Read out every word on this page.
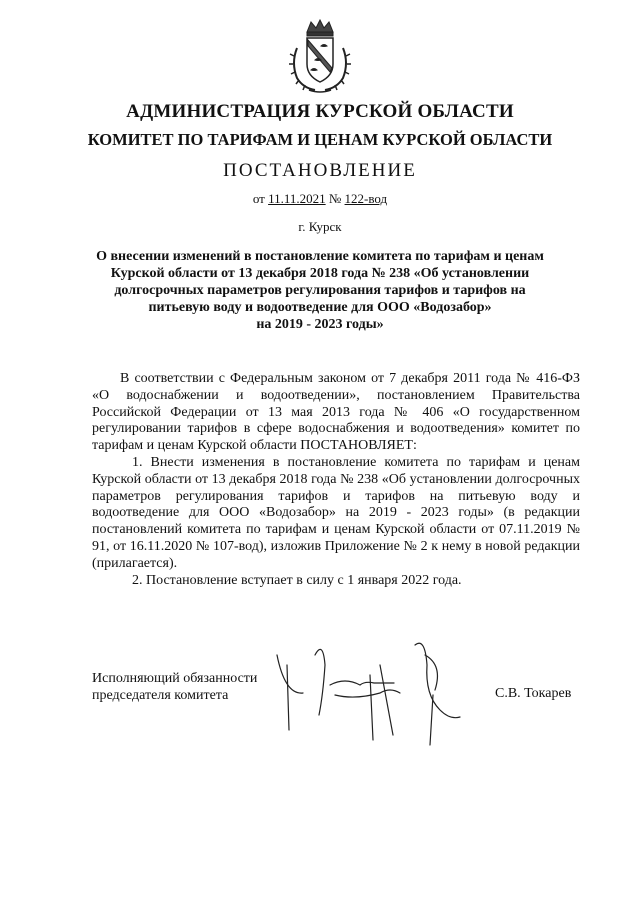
АДМИНИСТРАЦИЯ КУРСКОЙ ОБЛАСТИ
КОМИТЕТ ПО ТАРИФАМ И ЦЕНАМ КУРСКОЙ ОБЛАСТИ
ПОСТАНОВЛЕНИЕ
от 11.11.2021 № 122-вод
г. Курск
О внесении изменений в постановление комитета по тарифам и ценам
Курской области от 13 декабря 2018 года № 238 «Об установлении
долгосрочных параметров регулирования тарифов и тарифов на
питьевую воду и водоотведение для ООО «Водозабор»
на 2019 - 2023 годы»

В соответствии с Федеральным законом от 7 декабря 2011 года № 416-ФЗ «О водоснабжении и водоотведении», постановлением Правительства Российской Федерации от 13 мая 2013 года № 406 «О государственном регулировании тарифов в сфере водоснабжения и водоотведения» комитет по тарифам и ценам Курской области ПОСТАНОВЛЯЕТ:

1. Внести изменения в постановление комитета по тарифам и ценам Курской области от 13 декабря 2018 года № 238 «Об установлении долгосрочных параметров регулирования тарифов и тарифов на питьевую воду и водоотведение для ООО «Водозабор» на 2019 - 2023 годы» (в редакции постановлений комитета по тарифам и ценам Курской области от 07.11.2019 № 91, от 16.11.2020 № 107-вод), изложив Приложение № 2 к нему в новой редакции (прилагается).

2. Постановление вступает в силу с 1 января 2022 года.

Исполняющий обязанности
председателя комитета	С.В. Токарев
